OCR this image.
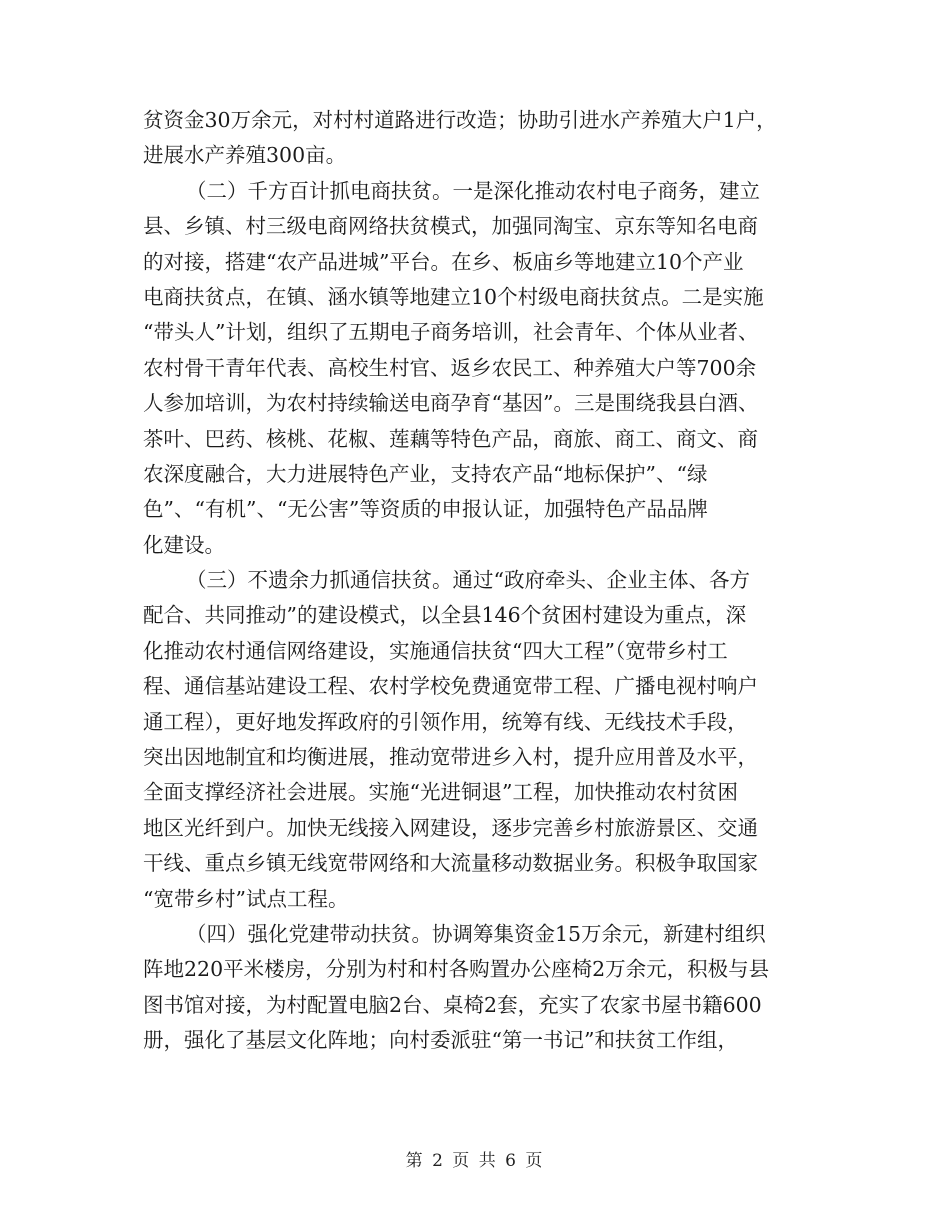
贫资金30万余元，对村村道路进行改造；协助引进水产养殖大户1户，
进展水产养殖300亩。
（二）千方百计抓电商扶贫。一是深化推动农村电子商务，建立
县、乡镇、村三级电商网络扶贫模式，加强同淘宝、京东等知名电商
的对接，搭建“农产品进城”平台。在乡、板庙乡等地建立10个产业
电商扶贫点，在镇、涵水镇等地建立10个村级电商扶贫点。二是实施
“带头人”计划，组织了五期电子商务培训，社会青年、个体从业者、
农村骨干青年代表、高校生村官、返乡农民工、种养殖大户等700余
人参加培训，为农村持续输送电商孕育“基因”。三是围绕我县白酒、
茶叶、巴药、核桃、花椒、莲藕等特色产品，商旅、商工、商文、商
农深度融合，大力进展特色产业，支持农产品“地标保护”、“绿
色”、“有机”、“无公害”等资质的申报认证，加强特色产品品牌
化建设。
（三）不遗余力抓通信扶贫。通过“政府牵头、企业主体、各方
配合、共同推动”的建设模式，以全县146个贫困村建设为重点，深
化推动农村通信网络建设，实施通信扶贫“四大工程”（宽带乡村工
程、通信基站建设工程、农村学校免费通宽带工程、广播电视村响户
通工程），更好地发挥政府的引领作用，统筹有线、无线技术手段，
突出因地制宜和均衡进展，推动宽带进乡入村，提升应用普及水平，
全面支撑经济社会进展。实施“光进铜退”工程，加快推动农村贫困
地区光纤到户。加快无线接入网建设，逐步完善乡村旅游景区、交通
干线、重点乡镇无线宽带网络和大流量移动数据业务。积极争取国家
“宽带乡村”试点工程。
（四）强化党建带动扶贫。协调筹集资金15万余元，新建村组织
阵地220平米楼房，分别为村和村各购置办公座椅2万余元，积极与县
图书馆对接，为村配置电脑2台、桌椅2套，充实了农家书屋书籍600
册，强化了基层文化阵地；向村委派驻“第一书记”和扶贫工作组，
第 2 页 共 6 页
